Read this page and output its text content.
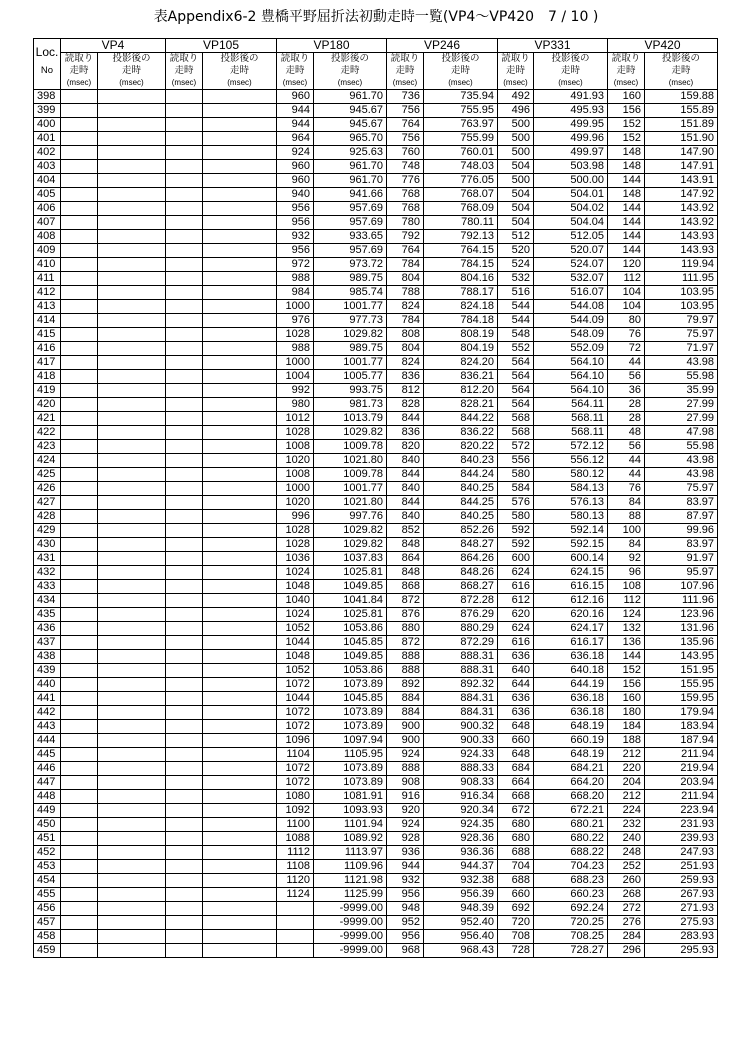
表Appendix6-2 豊橋平野屈折法初動走時一覧(VP4～VP420　7 / 10 )
Loc.	VP4		VP105		VP180		VP246		VP331		VP420	
	読取り	投影後の	読取り	投影後の	読取り	投影後の	読取り	投影後の	読取り	投影後の	読取り	投影後の
No	走時	走時	走時	走時	走時	走時	走時	走時	走時	走時	走時	走時
	(msec)	(msec)	(msec)	(msec)	(msec)	(msec)	(msec)	(msec)	(msec)	(msec)	(msec)	(msec)
398					960	961.70	736	735.94	492	491.93	160	159.88
399					944	945.67	756	755.95	496	495.93	156	155.89
400					944	945.67	764	763.97	500	499.95	152	151.89
401					964	965.70	756	755.99	500	499.96	152	151.90
402					924	925.63	760	760.01	500	499.97	148	147.90
403					960	961.70	748	748.03	504	503.98	148	147.91
404					960	961.70	776	776.05	500	500.00	144	143.91
405					940	941.66	768	768.07	504	504.01	148	147.92
406					956	957.69	768	768.09	504	504.02	144	143.92
407					956	957.69	780	780.11	504	504.04	144	143.92
408					932	933.65	792	792.13	512	512.05	144	143.93
409					956	957.69	764	764.15	520	520.07	144	143.93
410					972	973.72	784	784.15	524	524.07	120	119.94
411					988	989.75	804	804.16	532	532.07	112	111.95
412					984	985.74	788	788.17	516	516.07	104	103.95
413					1000	1001.77	824	824.18	544	544.08	104	103.95
414					976	977.73	784	784.18	544	544.09	80	79.97
415					1028	1029.82	808	808.19	548	548.09	76	75.97
416					988	989.75	804	804.19	552	552.09	72	71.97
417					1000	1001.77	824	824.20	564	564.10	44	43.98
418					1004	1005.77	836	836.21	564	564.10	56	55.98
419					992	993.75	812	812.20	564	564.10	36	35.99
420					980	981.73	828	828.21	564	564.11	28	27.99
421					1012	1013.79	844	844.22	568	568.11	28	27.99
422					1028	1029.82	836	836.22	568	568.11	48	47.98
423					1008	1009.78	820	820.22	572	572.12	56	55.98
424					1020	1021.80	840	840.23	556	556.12	44	43.98
425					1008	1009.78	844	844.24	580	580.12	44	43.98
426					1000	1001.77	840	840.25	584	584.13	76	75.97
427					1020	1021.80	844	844.25	576	576.13	84	83.97
428					996	997.76	840	840.25	580	580.13	88	87.97
429					1028	1029.82	852	852.26	592	592.14	100	99.96
430					1028	1029.82	848	848.27	592	592.15	84	83.97
431					1036	1037.83	864	864.26	600	600.14	92	91.97
432					1024	1025.81	848	848.26	624	624.15	96	95.97
433					1048	1049.85	868	868.27	616	616.15	108	107.96
434					1040	1041.84	872	872.28	612	612.16	112	111.96
435					1024	1025.81	876	876.29	620	620.16	124	123.96
436					1052	1053.86	880	880.29	624	624.17	132	131.96
437					1044	1045.85	872	872.29	616	616.17	136	135.96
438					1048	1049.85	888	888.31	636	636.18	144	143.95
439					1052	1053.86	888	888.31	640	640.18	152	151.95
440					1072	1073.89	892	892.32	644	644.19	156	155.95
441					1044	1045.85	884	884.31	636	636.18	160	159.95
442					1072	1073.89	884	884.31	636	636.18	180	179.94
443					1072	1073.89	900	900.32	648	648.19	184	183.94
444					1096	1097.94	900	900.33	660	660.19	188	187.94
445					1104	1105.95	924	924.33	648	648.19	212	211.94
446					1072	1073.89	888	888.33	684	684.21	220	219.94
447					1072	1073.89	908	908.33	664	664.20	204	203.94
448					1080	1081.91	916	916.34	668	668.20	212	211.94
449					1092	1093.93	920	920.34	672	672.21	224	223.94
450					1100	1101.94	924	924.35	680	680.21	232	231.93
451					1088	1089.92	928	928.36	680	680.22	240	239.93
452					1112	1113.97	936	936.36	688	688.22	248	247.93
453					1108	1109.96	944	944.37	704	704.23	252	251.93
454					1120	1121.98	932	932.38	688	688.23	260	259.93
455					1124	1125.99	956	956.39	660	660.23	268	267.93
456						-9999.00	948	948.39	692	692.24	272	271.93
457						-9999.00	952	952.40	720	720.25	276	275.93
458						-9999.00	956	956.40	708	708.25	284	283.93
459						-9999.00	968	968.43	728	728.27	296	295.93
